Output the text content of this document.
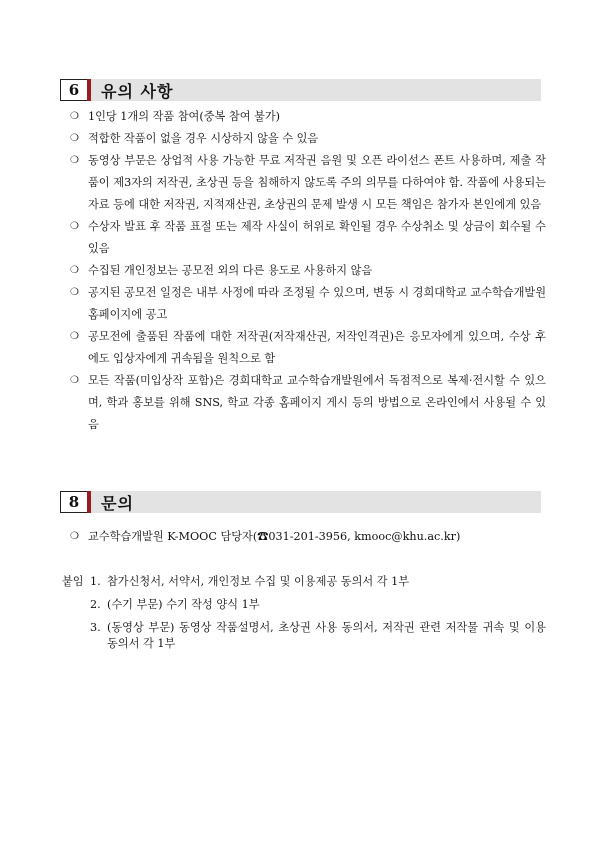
6	유의 사항
❍ 1인당 1개의 작품 참여(중복 참여 불가)
❍ 적합한 작품이 없을 경우 시상하지 않을 수 있음
❍ 동영상 부문은 상업적 사용 가능한 무료 저작권 음원 및 오픈 라이선스 폰트 사용하며, 제출 작품이 제3자의 저작권, 초상권 등을 침해하지 않도록 주의 의무를 다하여야 함. 작품에 사용되는 자료 등에 대한 저작권, 지적재산권, 초상권의 문제 발생 시 모든 책임은 참가자 본인에게 있음
❍ 수상자 발표 후 작품 표절 또는 제작 사실이 허위로 확인될 경우 수상취소 및 상금이 회수될 수 있음
❍ 수집된 개인정보는 공모전 외의 다른 용도로 사용하지 않음
❍ 공지된 공모전 일정은 내부 사정에 따라 조정될 수 있으며, 변동 시 경희대학교 교수학습개발원 홈페이지에 공고
❍ 공모전에 출품된 작품에 대한 저작권(저작재산권, 저작인격권)은 응모자에게 있으며, 수상 후에도 입상자에게 귀속됨을 원칙으로 함
❍ 모든 작품(미입상작 포함)은 경희대학교 교수학습개발원에서 독점적으로 복제·전시할 수 있으며, 학과 홍보를 위해 SNS, 학교 각종 홈페이지 게시 등의 방법으로 온라인에서 사용될 수 있음
8	문의
❍ 교수학습개발원 K-MOOC 담당자(☎031-201-3956, kmooc@khu.ac.kr)
붙임 1. 참가신청서, 서약서, 개인정보 수집 및 이용제공 동의서 각 1부
2. (수기 부문) 수기 작성 양식 1부
3. (동영상 부문) 동영상 작품설명서, 초상권 사용 동의서, 저작권 관련 저작물 귀속 및 이용 동의서 각 1부
